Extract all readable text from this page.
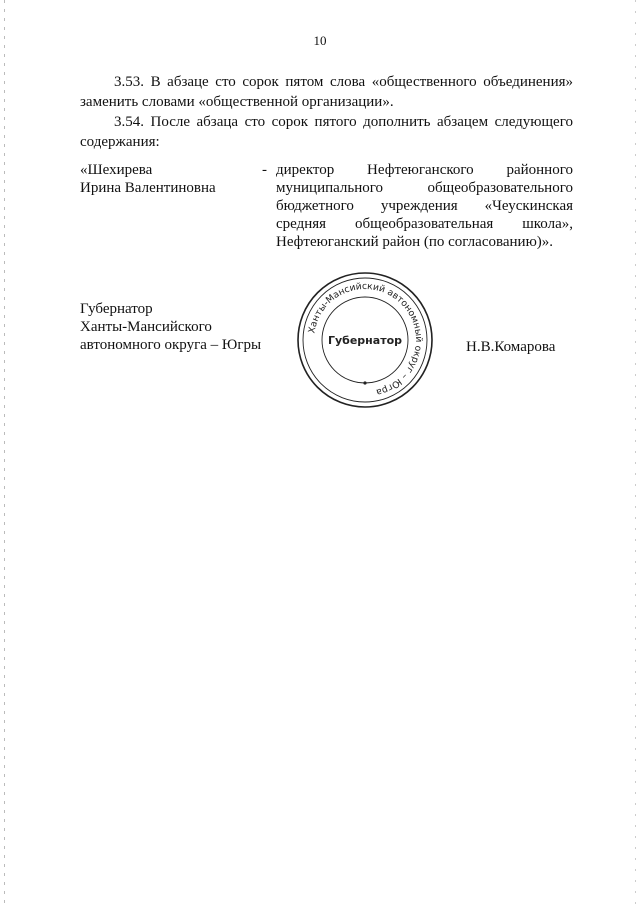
10

3.53. В абзаце сто сорок пятом слова «общественного объединения» заменить словами «общественной организации».

3.54. После абзаца сто сорок пятого дополнить абзацем следующего содержания:

«Шехирева
Ирина Валентиновна
- директор Нефтеюганского районного муниципального общеобразовательного бюджетного учреждения «Чеускинская средняя общеобразовательная школа», Нефтеюганский район (по согласованию)».
Губернатор
Ханты-Мансийского
автономного округа – Югры
Ханты-Мансийский автономный округ – Югра
Губернатор	Н.В.Комарова
